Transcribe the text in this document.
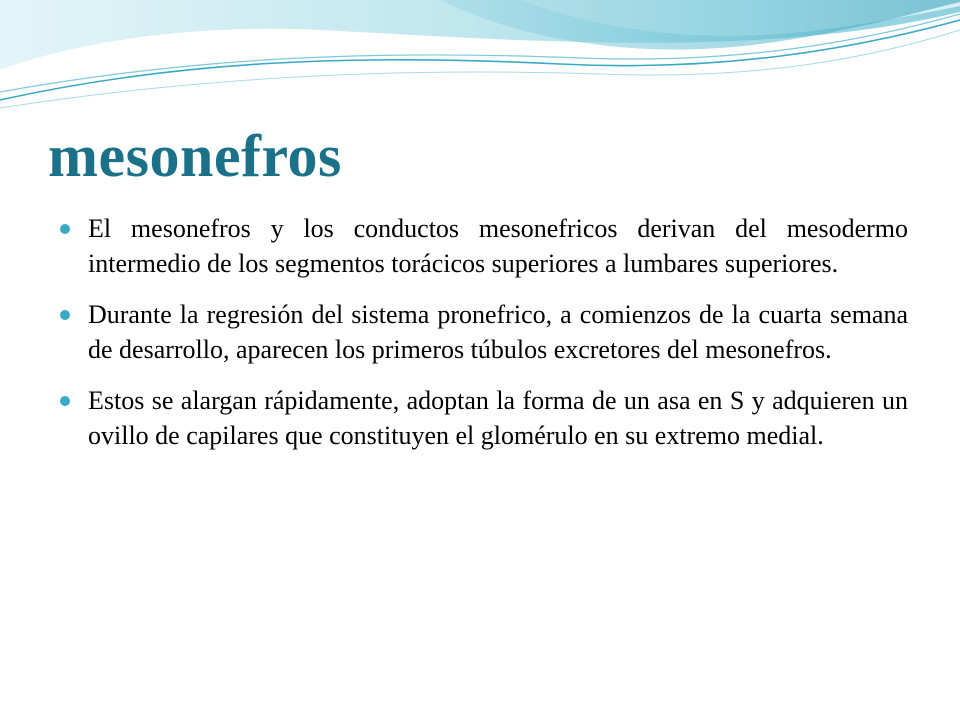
mesonefros
El mesonefros y los conductos mesonefricos derivan del mesodermo intermedio de los segmentos torácicos superiores a lumbares superiores.
Durante la regresión del sistema pronefrico, a comienzos de la cuarta semana de desarrollo, aparecen los primeros túbulos excretores del mesonefros.
Estos se alargan rápidamente, adoptan la forma de un asa en S y adquieren un ovillo de capilares que constituyen el glomérulo en su extremo medial.
